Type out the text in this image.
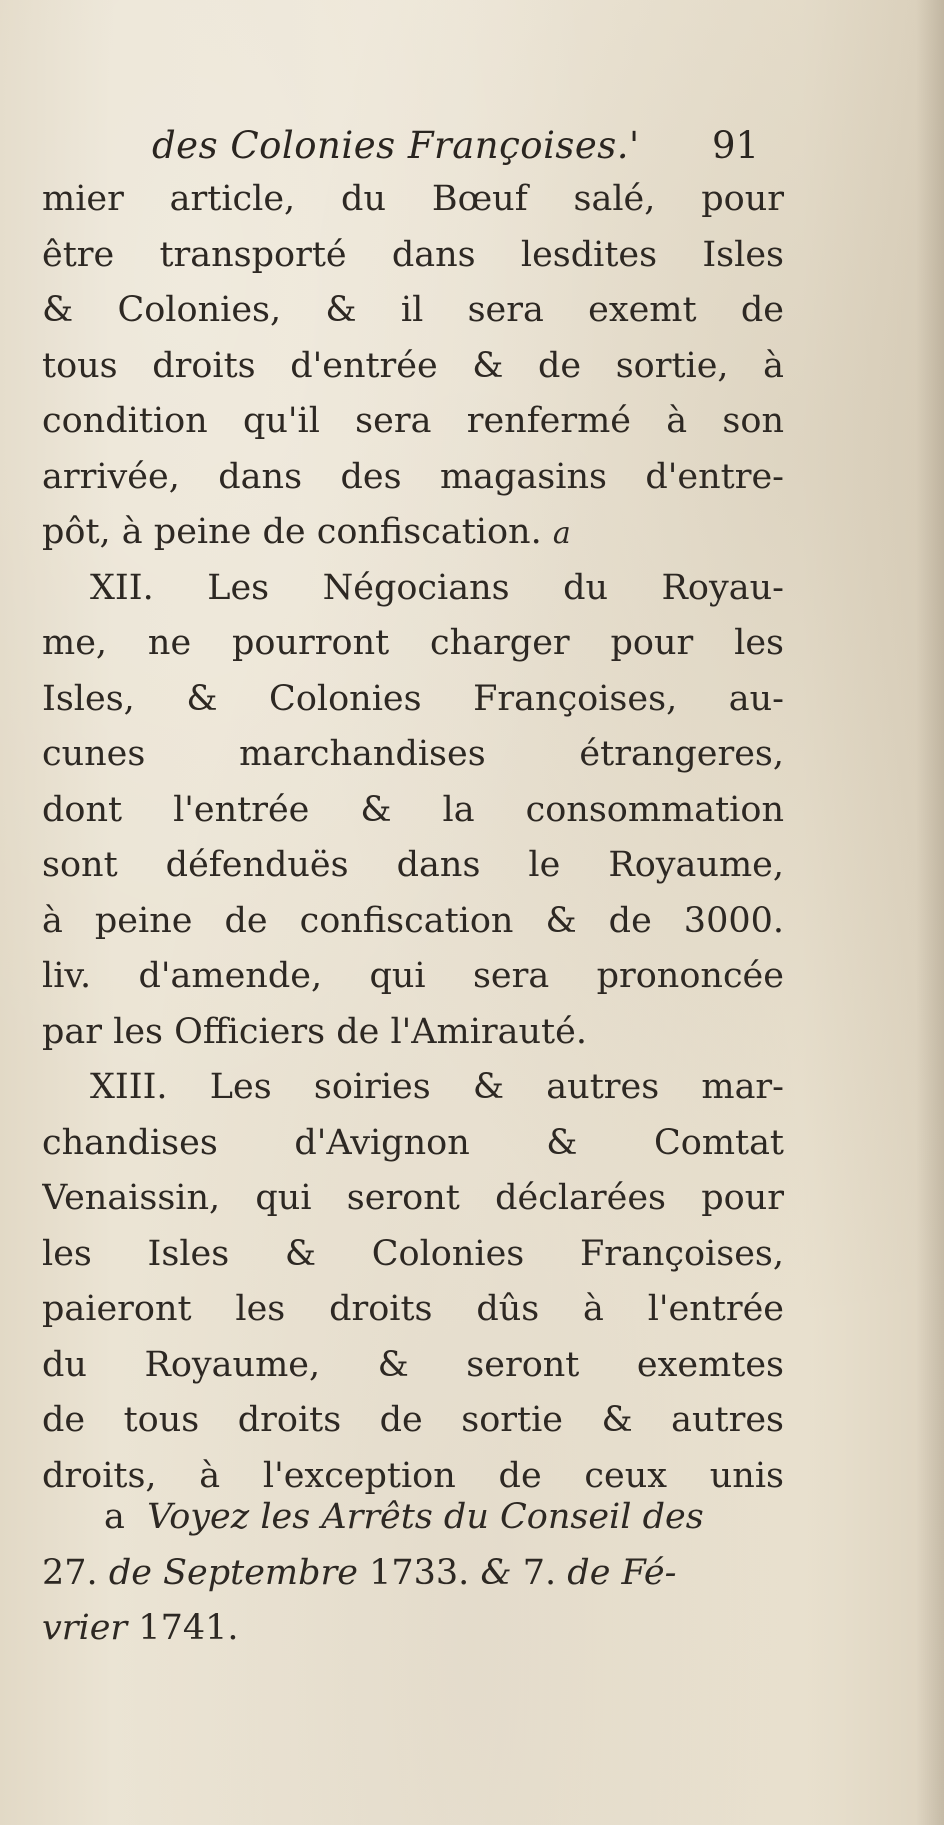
des Colonies Françoises.' 91
mier article, du Bœuf salé, pour
être transporté dans lesdites Isles
& Colonies, & il sera exemt de
tous droits d'entrée & de sortie, à
condition qu'il sera renfermé à son
arrivée, dans des magasins d'entre-
pôt, à peine de confiscation. a
XII. Les Négocians du Royau-
me, ne pourront charger pour les
Isles, & Colonies Françoises, au-
cunes marchandises étrangeres,
dont l'entrée & la consommation
sont défenduës dans le Royaume,
à peine de confiscation & de 3000.
liv. d'amende, qui sera prononcée
par les Officiers de l'Amirauté.
XIII. Les soiries & autres mar-
chandises d'Avignon & Comtat
Venaissin, qui seront déclarées pour
les Isles & Colonies Françoises,
paieront les droits dûs à l'entrée
du Royaume, & seront exemtes
de tous droits de sortie & autres
droits, à l'exception de ceux unis
a Voyez les Arrêts du Conseil des
27. de Septembre 1733. & 7. de Fé-
vrier 1741.
